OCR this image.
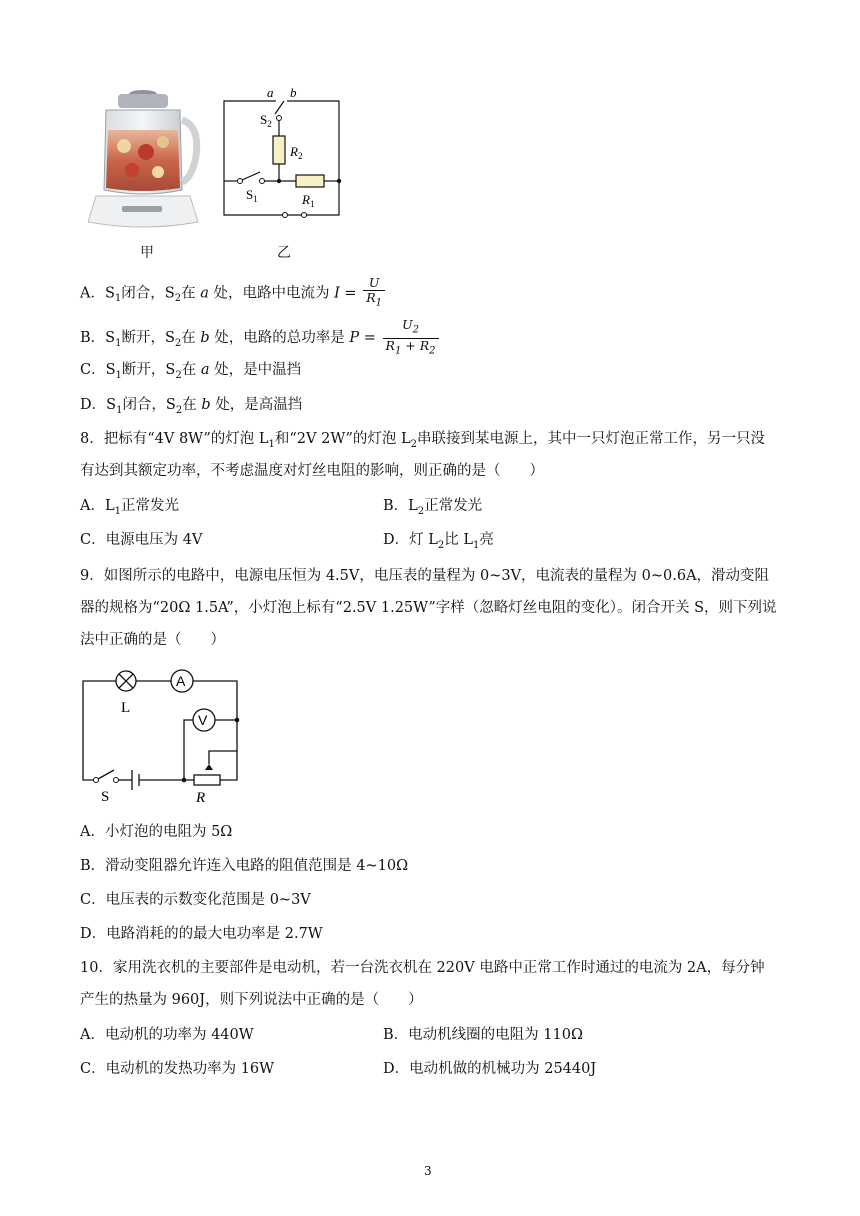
甲
a b
$S_2$
$R_2$
$S_1$	$R_1$
乙
A．$S_1$闭合，$S_2$在 a 处，电路中电流为 $I = \frac{U}{R_1}$
B．$S_1$断开，$S_2$在 b 处，电路的总功率是 $P = \frac{U_2}{R_1 + R_2}$
C．$S_1$断开，$S_2$在 a 处，是中温挡
D．$S_1$闭合，$S_2$在 b 处，是高温挡
8．把标有“4V 8W”的灯泡 $L_1$和“2V 2W”的灯泡 $L_2$串联接到某电源上，其中一只灯泡正常工作，另一只没
有达到其额定功率，不考虑温度对灯丝电阻的影响，则正确的是（　　）
A．$L_1$正常发光	B．$L_2$正常发光
C．电源电压为 4V	D．灯 $L_2$比 $L_1$亮
9．如图所示的电路中，电源电压恒为 4.5V，电压表的量程为 0~3V，电流表的量程为 0~0.6A，滑动变阻
器的规格为“20Ω 1.5A”，小灯泡上标有“2.5V 1.25W”字样（忽略灯丝电阻的变化）。闭合开关 S，则下列说
法中正确的是（　　）
A
V
L
S	R
A．小灯泡的电阻为 5Ω
B．滑动变阻器允许连入电路的阻值范围是 4~10Ω
C．电压表的示数变化范围是 0~3V
D．电路消耗的的最大电功率是 2.7W
10．家用洗衣机的主要部件是电动机，若一台洗衣机在 220V 电路中正常工作时通过的电流为 2A，每分钟
产生的热量为 960J，则下列说法中正确的是（　　）
A．电动机的功率为 440W	B．电动机线圈的电阻为 110Ω
C．电动机的发热功率为 16W	D．电动机做的机械功为 25440J
3
